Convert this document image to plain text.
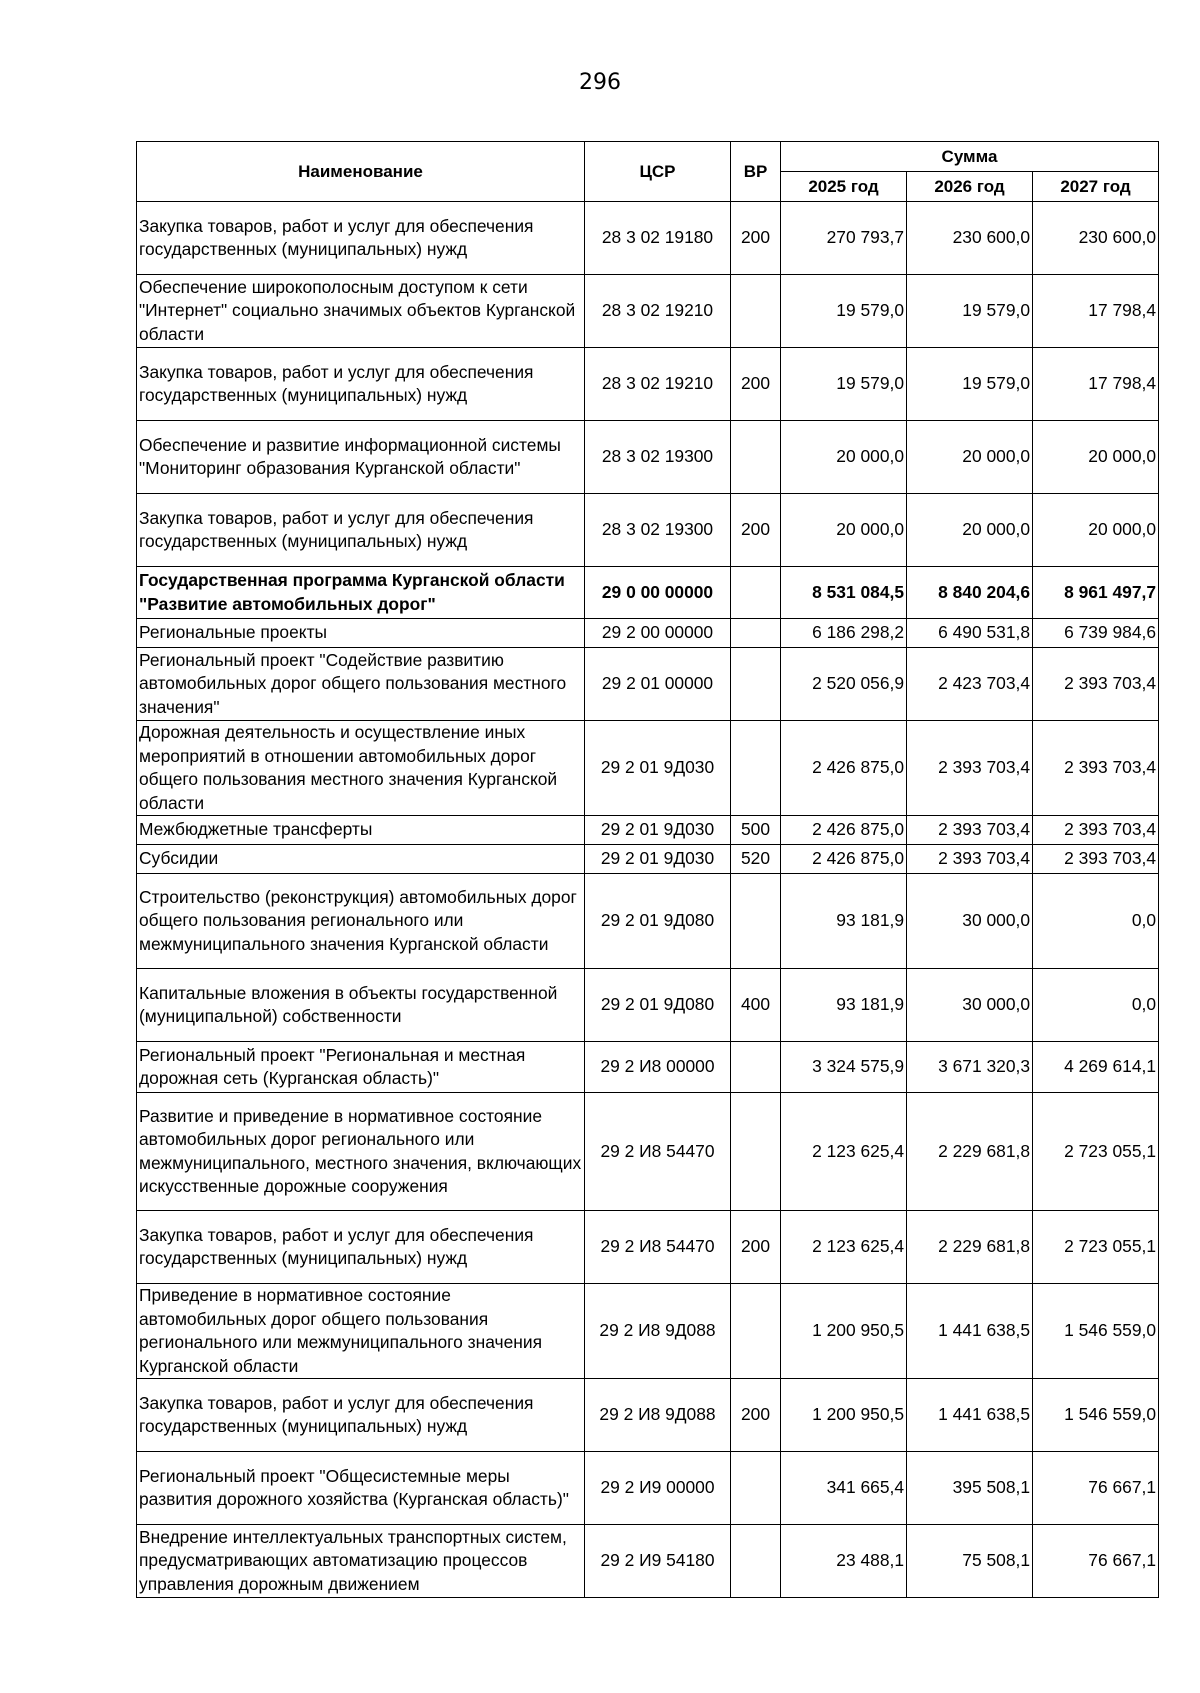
296
Наименование	ЦСР	ВР	Сумма		
			2025 год	2026 год	2027 год
Закупка товаров, работ и услуг для обеспечения государственных (муниципальных) нужд	28 3 02 19180	200	270 793,7	230 600,0	230 600,0
Обеспечение широкополосным доступом к сети "Интернет" социально значимых объектов Курганской области	28 3 02 19210		19 579,0	19 579,0	17 798,4
Закупка товаров, работ и услуг для обеспечения государственных (муниципальных) нужд	28 3 02 19210	200	19 579,0	19 579,0	17 798,4
Обеспечение и развитие информационной системы "Мониторинг образования Курганской области"	28 3 02 19300		20 000,0	20 000,0	20 000,0
Закупка товаров, работ и услуг для обеспечения государственных (муниципальных) нужд	28 3 02 19300	200	20 000,0	20 000,0	20 000,0
Государственная программа Курганской области "Развитие автомобильных дорог"	29 0 00 00000		8 531 084,5	8 840 204,6	8 961 497,7
Региональные проекты	29 2 00 00000		6 186 298,2	6 490 531,8	6 739 984,6
Региональный проект "Содействие развитию автомобильных дорог общего пользования местного значения"	29 2 01 00000		2 520 056,9	2 423 703,4	2 393 703,4
Дорожная деятельность и осуществление иных мероприятий в отношении автомобильных дорог общего пользования местного значения Курганской области	29 2 01 9Д030		2 426 875,0	2 393 703,4	2 393 703,4
Межбюджетные трансферты	29 2 01 9Д030	500	2 426 875,0	2 393 703,4	2 393 703,4
Субсидии	29 2 01 9Д030	520	2 426 875,0	2 393 703,4	2 393 703,4
Строительство (реконструкция) автомобильных дорог общего пользования регионального или межмуниципального значения Курганской области	29 2 01 9Д080		93 181,9	30 000,0	0,0
Капитальные вложения в объекты государственной (муниципальной) собственности	29 2 01 9Д080	400	93 181,9	30 000,0	0,0
Региональный проект "Региональная и местная дорожная сеть (Курганская область)"	29 2 И8 00000		3 324 575,9	3 671 320,3	4 269 614,1
Развитие и приведение в нормативное состояние автомобильных дорог регионального или межмуниципального, местного значения, включающих искусственные дорожные сооружения	29 2 И8 54470		2 123 625,4	2 229 681,8	2 723 055,1
Закупка товаров, работ и услуг для обеспечения государственных (муниципальных) нужд	29 2 И8 54470	200	2 123 625,4	2 229 681,8	2 723 055,1
Приведение в нормативное состояние автомобильных дорог общего пользования регионального или межмуниципального значения Курганской области	29 2 И8 9Д088		1 200 950,5	1 441 638,5	1 546 559,0
Закупка товаров, работ и услуг для обеспечения государственных (муниципальных) нужд	29 2 И8 9Д088	200	1 200 950,5	1 441 638,5	1 546 559,0
Региональный проект "Общесистемные меры развития дорожного хозяйства (Курганская область)"	29 2 И9 00000		341 665,4	395 508,1	76 667,1
Внедрение интеллектуальных транспортных систем, предусматривающих автоматизацию процессов управления дорожным движением	29 2 И9 54180		23 488,1	75 508,1	76 667,1
